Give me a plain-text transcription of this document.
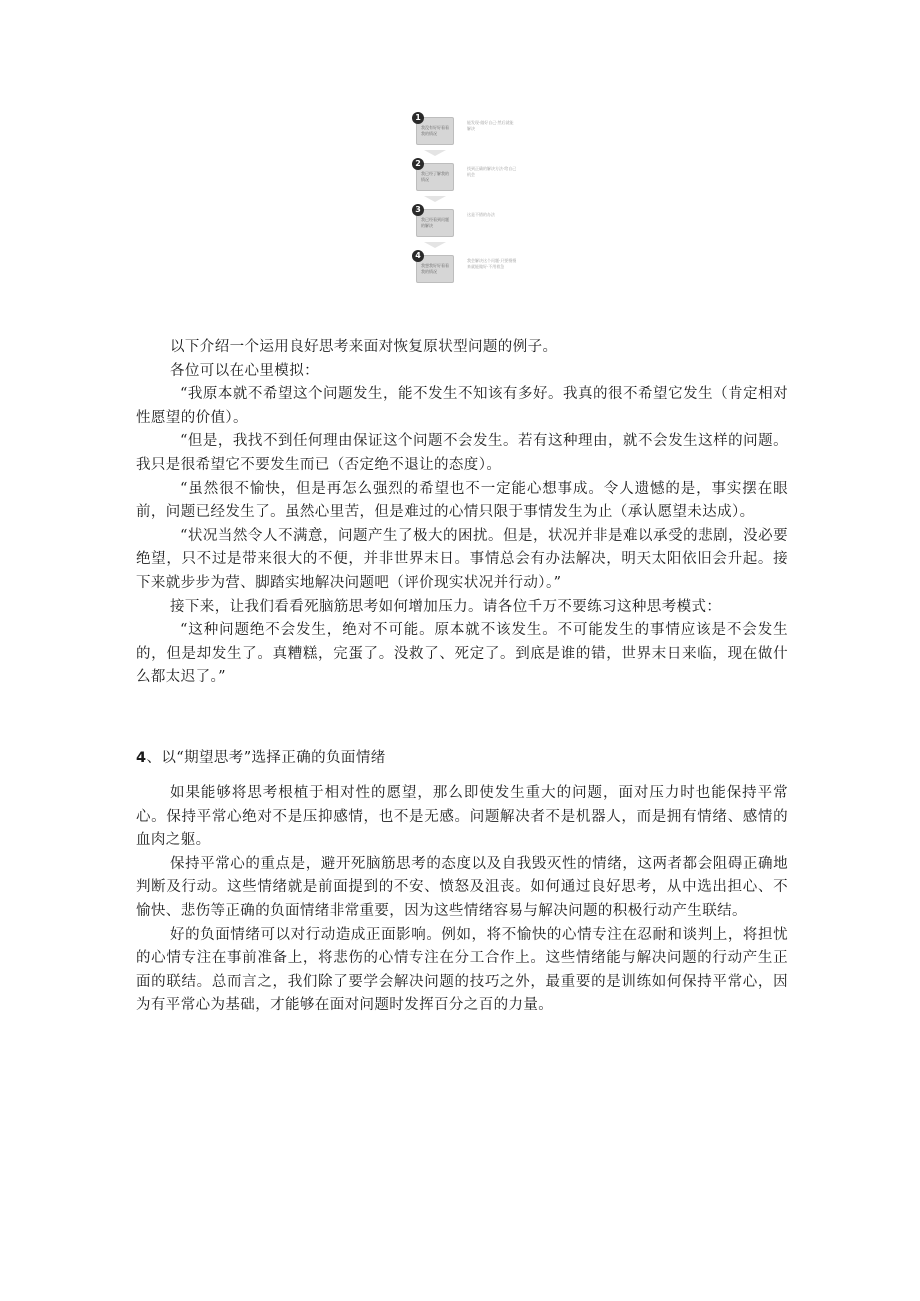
1
我没有好好看看我的情况
能发现·做好自己·然后就能解决
2
我已经了解我的情况
找到正确的解决方法·给自己机会
3
我已经看到问题的解决
这是不错的办法
4
我想我好好看看我的情况
我会解决这个问题·只要慢慢来就能做好·不用着急

以下介绍一个运用良好思考来面对恢复原状型问题的例子。

各位可以在心里模拟：

“我原本就不希望这个问题发生，能不发生不知该有多好。我真的很不希望它发生（肯定相对性愿望的价值）。

“但是，我找不到任何理由保证这个问题不会发生。若有这种理由，就不会发生这样的问题。我只是很希望它不要发生而已（否定绝不退让的态度）。

“虽然很不愉快，但是再怎么强烈的希望也不一定能心想事成。令人遗憾的是，事实摆在眼前，问题已经发生了。虽然心里苦，但是难过的心情只限于事情发生为止（承认愿望未达成）。

“状况当然令人不满意，问题产生了极大的困扰。但是，状况并非是难以承受的悲剧，没必要绝望，只不过是带来很大的不便，并非世界末日。事情总会有办法解决，明天太阳依旧会升起。接下来就步步为营、脚踏实地解决问题吧（评价现实状况并行动）。”

接下来，让我们看看死脑筋思考如何增加压力。请各位千万不要练习这种思考模式：

“这种问题绝不会发生，绝对不可能。原本就不该发生。不可能发生的事情应该是不会发生的，但是却发生了。真糟糕，完蛋了。没救了、死定了。到底是谁的错，世界末日来临，现在做什么都太迟了。”

4、以“期望思考”选择正确的负面情绪

如果能够将思考根植于相对性的愿望，那么即使发生重大的问题，面对压力时也能保持平常心。保持平常心绝对不是压抑感情，也不是无感。问题解决者不是机器人，而是拥有情绪、感情的血肉之躯。

保持平常心的重点是，避开死脑筋思考的态度以及自我毁灭性的情绪，这两者都会阻碍正确地判断及行动。这些情绪就是前面提到的不安、愤怒及沮丧。如何通过良好思考，从中选出担心、不愉快、悲伤等正确的负面情绪非常重要，因为这些情绪容易与解决问题的积极行动产生联结。

好的负面情绪可以对行动造成正面影响。例如，将不愉快的心情专注在忍耐和谈判上，将担忧的心情专注在事前准备上，将悲伤的心情专注在分工合作上。这些情绪能与解决问题的行动产生正面的联结。总而言之，我们除了要学会解决问题的技巧之外，最重要的是训练如何保持平常心，因为有平常心为基础，才能够在面对问题时发挥百分之百的力量。
